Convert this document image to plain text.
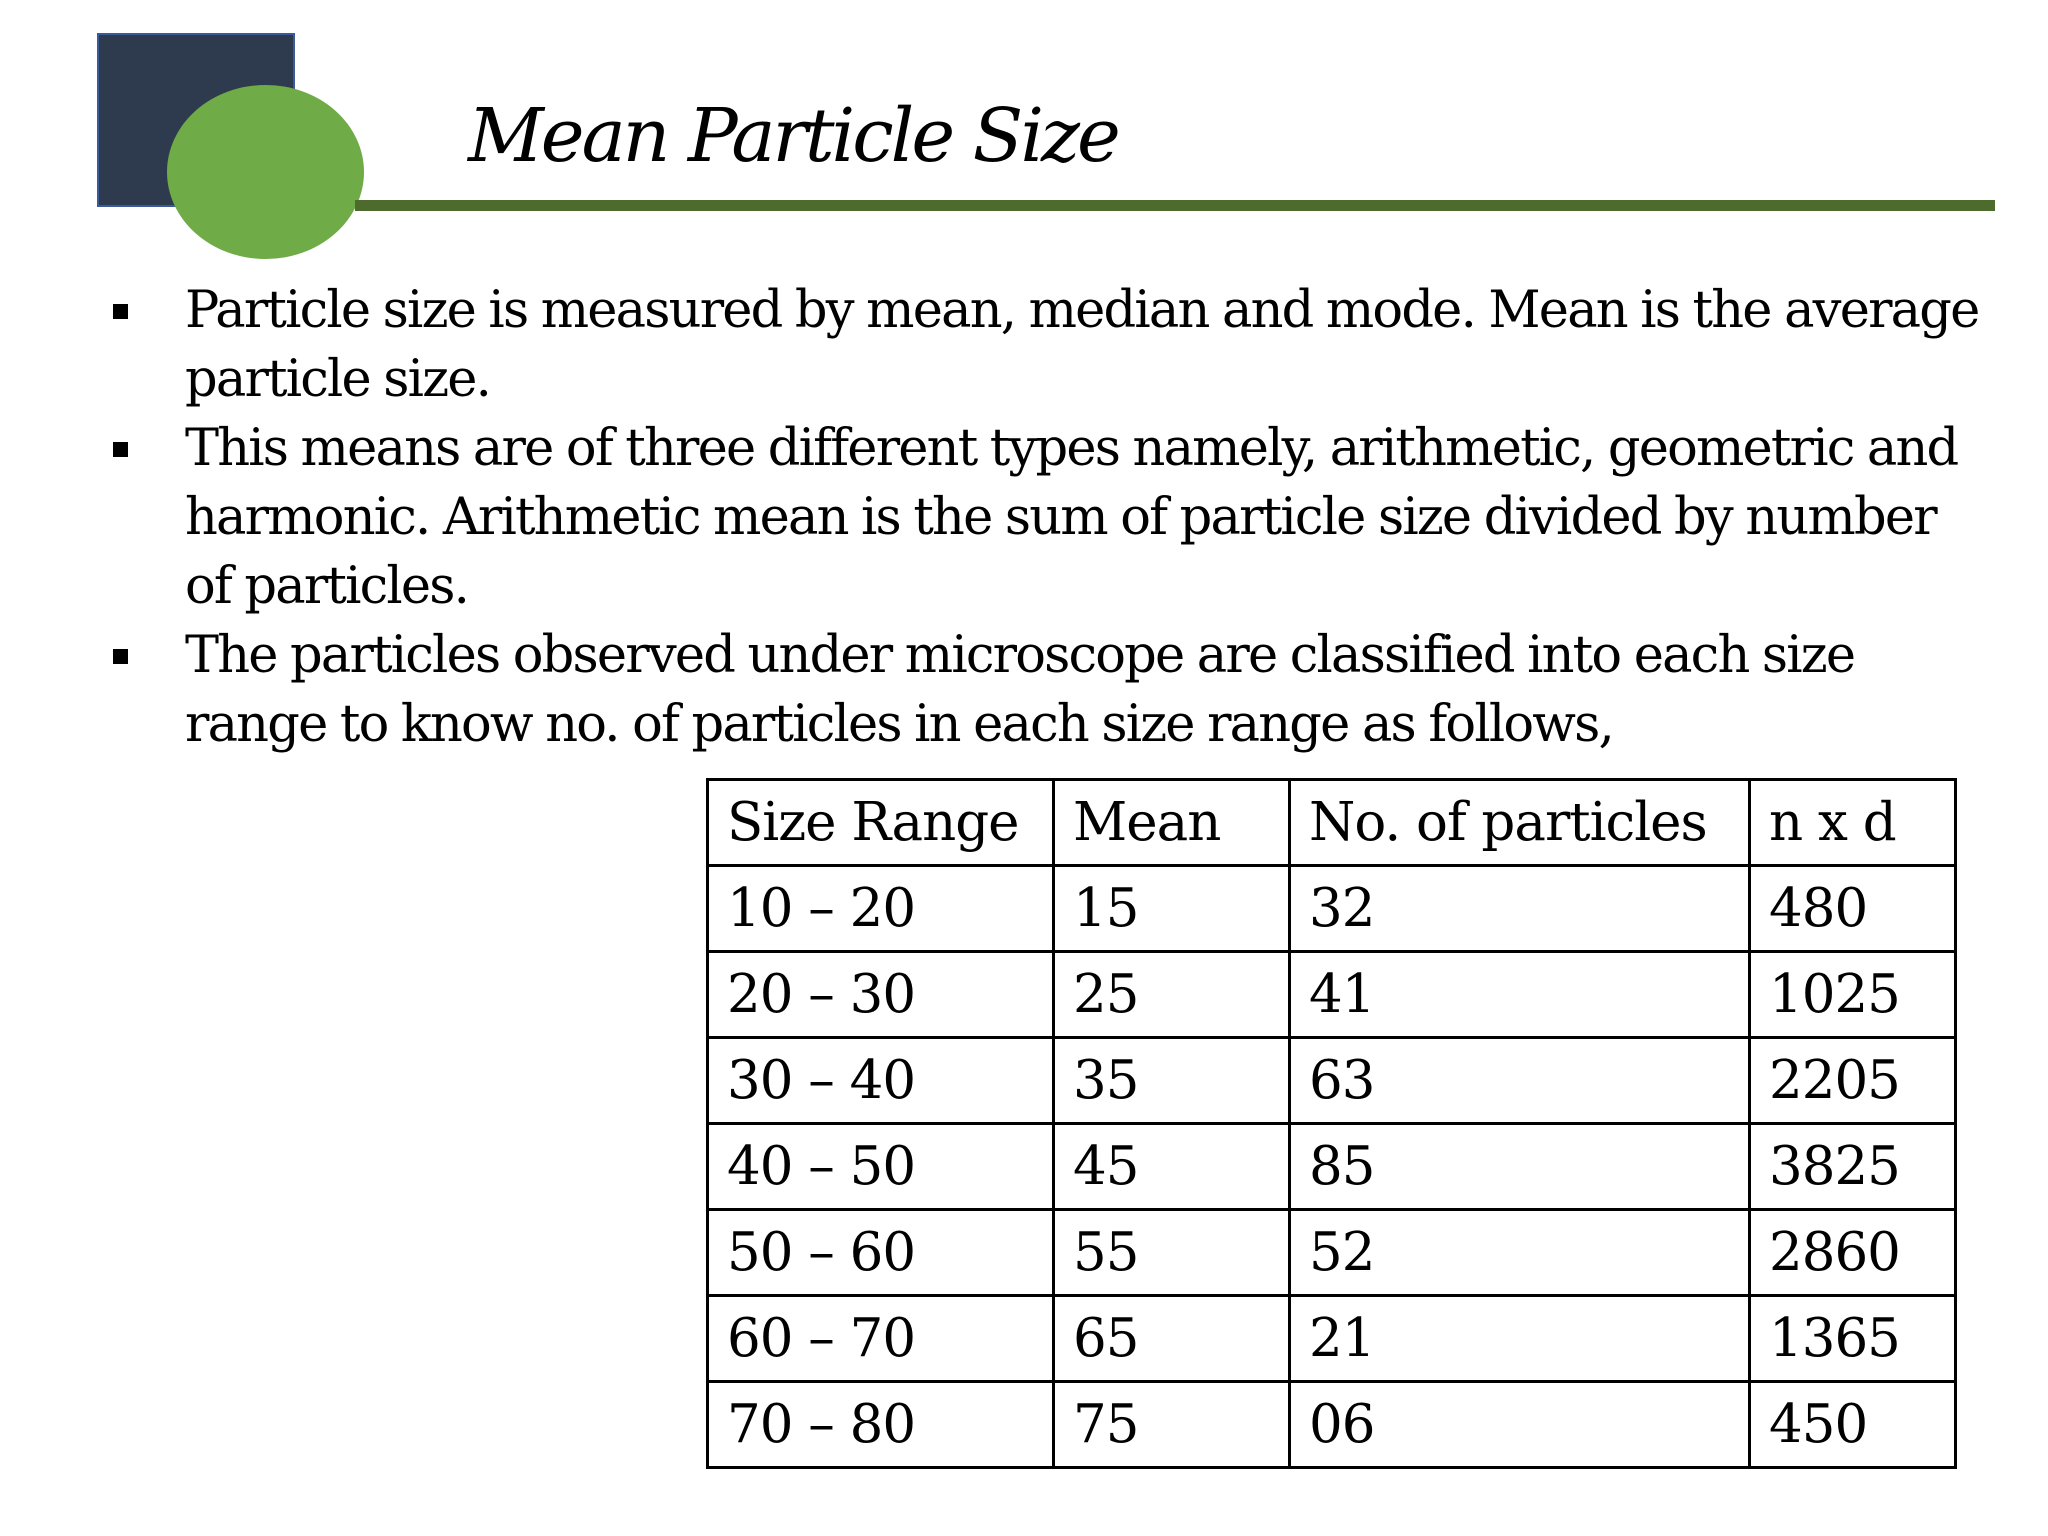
Mean Particle Size
Particle size is measured by mean, median and mode. Mean is the average particle size.
This means are of three different types namely, arithmetic, geometric and harmonic. Arithmetic mean is the sum of particle size divided by number of particles.
The particles observed under microscope are classified into each size range to know no. of particles in each size range as follows,
Size Range	Mean	No. of particles	n x d
10 – 20	15	32	480
20 – 30	25	41	1025
30 – 40	35	63	2205
40 – 50	45	85	3825
50 – 60	55	52	2860
60 – 70	65	21	1365
70 – 80	75	06	450
